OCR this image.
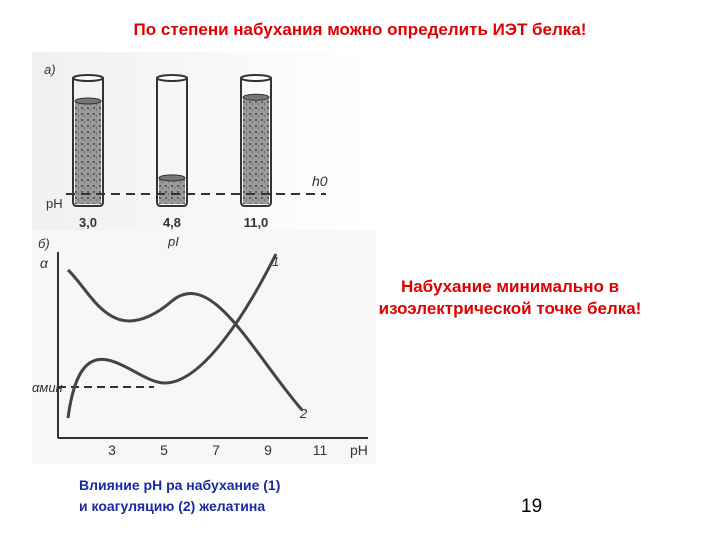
По степени набухания можно определить ИЭТ белка!
а)
h0
pH
3,0	4,8	11,0
pI
б)
α
αмин
1
2
3	5	7	9	11 pH
Набухание минимально в
изоэлектрической точке белка!
Влияние pH ра набухание (1)
и коагуляцию (2) желатина	19
